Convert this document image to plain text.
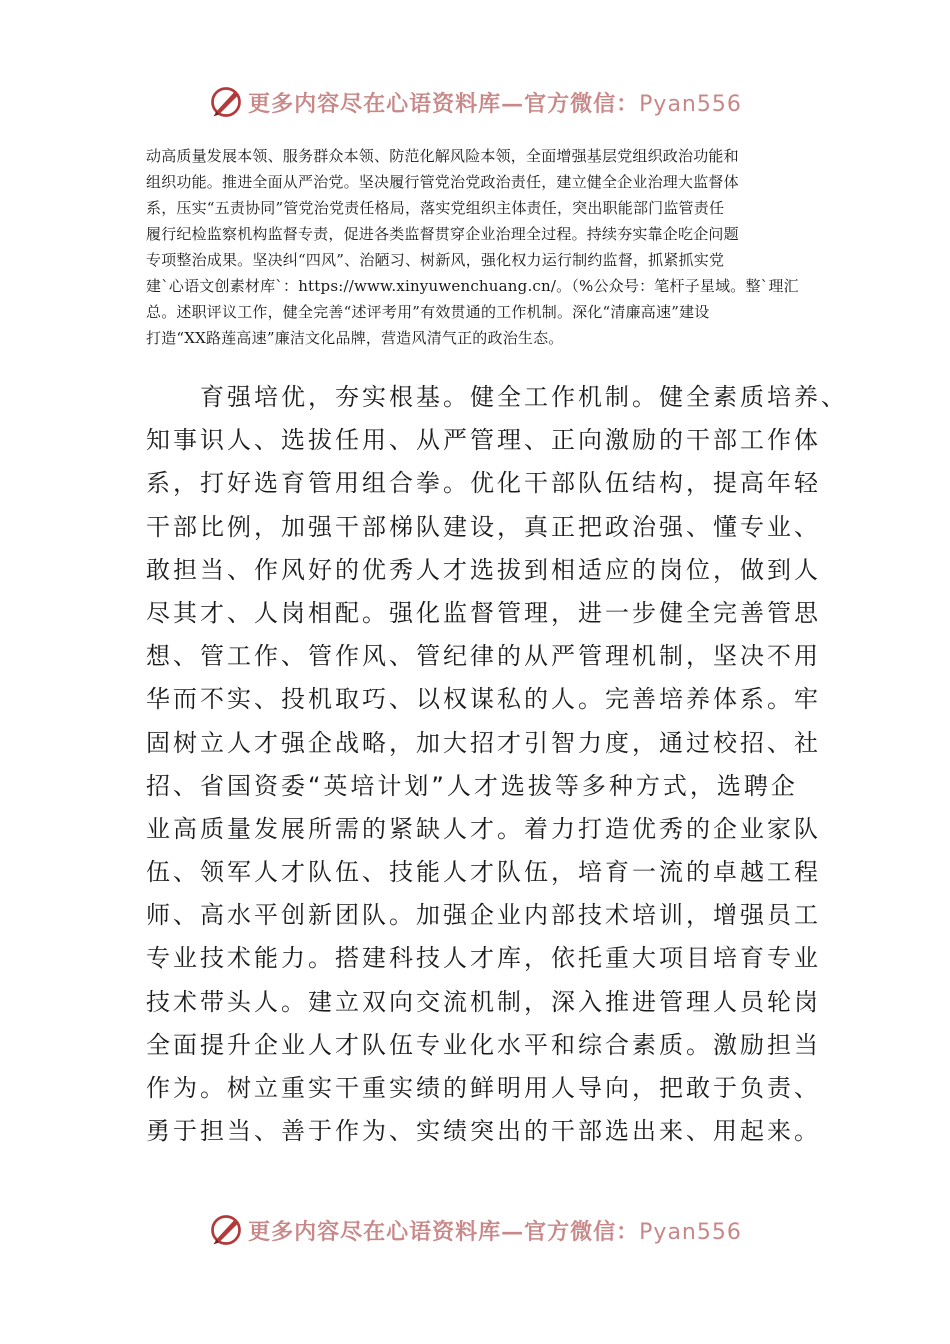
更多内容尽在心语资料库—官方微信：Pyan556
动高质量发展本领、服务群众本领、防范化解风险本领，全面增强基层党组织政治功能和
组织功能。推进全面从严治党。坚决履行管党治党政治责任，建立健全企业治理大监督体
系，压实“五责协同”管党治党责任格局，落实党组织主体责任，突出职能部门监管责任
履行纪检监察机构监督专责，促进各类监督贯穿企业治理全过程。持续夯实靠企吃企问题
专项整治成果。坚决纠“四风”、治陋习、树新风，强化权力运行制约监督，抓紧抓实党
建`心语文创素材库`：https://www.xinyuwenchuang.cn/。（%公众号：笔杆子星域。整`理汇
总。述职评议工作，健全完善“述评考用”有效贯通的工作机制。深化“清廉高速”建设
打造“XX路莲高速”廉洁文化品牌，营造风清气正的政治生态。
　　育强培优，夯实根基。健全工作机制。健全素质培养、
知事识人、选拔任用、从严管理、正向激励的干部工作体
系，打好选育管用组合拳。优化干部队伍结构，提高年轻
干部比例，加强干部梯队建设，真正把政治强、懂专业、
敢担当、作风好的优秀人才选拔到相适应的岗位，做到人
尽其才、人岗相配。强化监督管理，进一步健全完善管思
想、管工作、管作风、管纪律的从严管理机制，坚决不用
华而不实、投机取巧、以权谋私的人。完善培养体系。牢
固树立人才强企战略，加大招才引智力度，通过校招、社
招、省国资委“英培计划”人才选拔等多种方式，选聘企
业高质量发展所需的紧缺人才。着力打造优秀的企业家队
伍、领军人才队伍、技能人才队伍，培育一流的卓越工程
师、高水平创新团队。加强企业内部技术培训，增强员工
专业技术能力。搭建科技人才库，依托重大项目培育专业
技术带头人。建立双向交流机制，深入推进管理人员轮岗
全面提升企业人才队伍专业化水平和综合素质。激励担当
作为。树立重实干重实绩的鲜明用人导向，把敢于负责、
勇于担当、善于作为、实绩突出的干部选出来、用起来。
更多内容尽在心语资料库—官方微信：Pyan556
